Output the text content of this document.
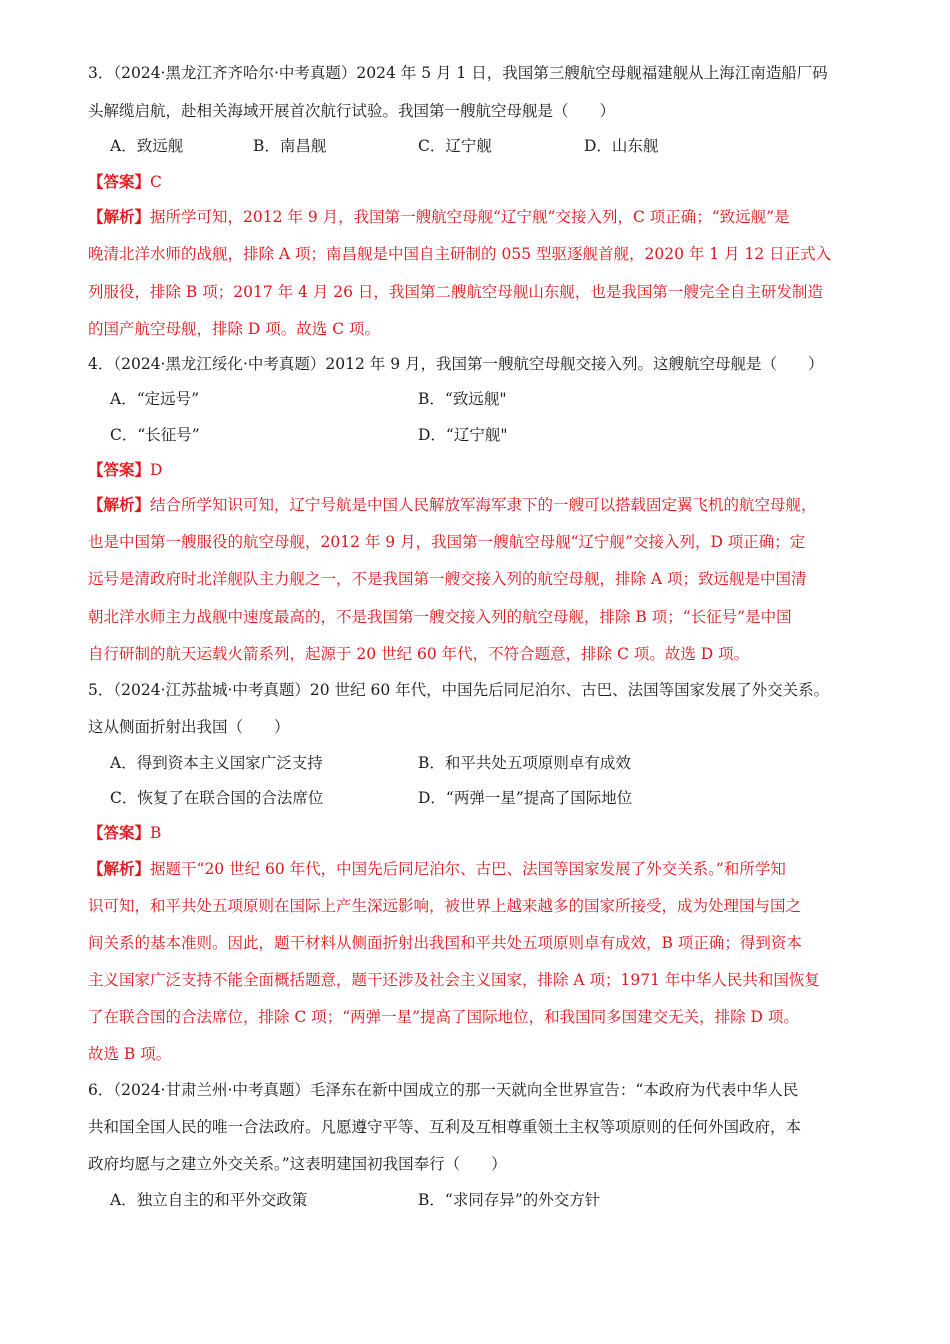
3．（2024·黑龙江齐齐哈尔·中考真题）2024 年 5 月 1 日，我国第三艘航空母舰福建舰从上海江南造船厂码
头解缆启航，赴相关海域开展首次航行试验。我国第一艘航空母舰是（　　）
A．致远舰	B．南昌舰	C．辽宁舰	D．山东舰
【答案】C
【解析】据所学可知，2012 年 9 月，我国第一艘航空母舰“辽宁舰”交接入列，C 项正确；“致远舰”是
晚清北洋水师的战舰，排除 A 项；南昌舰是中国自主研制的 055 型驱逐舰首舰，2020 年 1 月 12 日正式入
列服役，排除 B 项；2017 年 4 月 26 日，我国第二艘航空母舰山东舰，也是我国第一艘完全自主研发制造
的国产航空母舰，排除 D 项。故选 C 项。
4．（2024·黑龙江绥化·中考真题）2012 年 9 月，我国第一艘航空母舰交接入列。这艘航空母舰是（　　）
A．“定远号”	B．“致远舰"
C．“长征号”	D．“辽宁舰"
【答案】D
【解析】结合所学知识可知，辽宁号航是中国人民解放军海军隶下的一艘可以搭载固定翼飞机的航空母舰，
也是中国第一艘服役的航空母舰，2012 年 9 月，我国第一艘航空母舰“辽宁舰”交接入列，D 项正确；定
远号是清政府时北洋舰队主力舰之一，不是我国第一艘交接入列的航空母舰，排除 A 项；致远舰是中国清
朝北洋水师主力战舰中速度最高的，不是我国第一艘交接入列的航空母舰，排除 B 项；“长征号”是中国
自行研制的航天运载火箭系列，起源于 20 世纪 60 年代，不符合题意，排除 C 项。故选 D 项。
5．（2024·江苏盐城·中考真题）20 世纪 60 年代，中国先后同尼泊尔、古巴、法国等国家发展了外交关系。
这从侧面折射出我国（　　）
A．得到资本主义国家广泛支持	B．和平共处五项原则卓有成效
C．恢复了在联合国的合法席位	D．“两弹一星”提高了国际地位
【答案】B
【解析】据题干“20 世纪 60 年代，中国先后同尼泊尔、古巴、法国等国家发展了外交关系。”和所学知
识可知，和平共处五项原则在国际上产生深远影响，被世界上越来越多的国家所接受，成为处理国与国之
间关系的基本准则。因此，题干材料从侧面折射出我国和平共处五项原则卓有成效，B 项正确；得到资本
主义国家广泛支持不能全面概括题意，题干还涉及社会主义国家，排除 A 项；1971 年中华人民共和国恢复
了在联合国的合法席位，排除 C 项；“两弹一星”提高了国际地位，和我国同多国建交无关，排除 D 项。
故选 B 项。
6．（2024·甘肃兰州·中考真题）毛泽东在新中国成立的那一天就向全世界宣告：“本政府为代表中华人民
共和国全国人民的唯一合法政府。凡愿遵守平等、互利及互相尊重领土主权等项原则的任何外国政府，本
政府均愿与之建立外交关系。”这表明建国初我国奉行（　　）
A．独立自主的和平外交政策	B．“求同存异”的外交方针
